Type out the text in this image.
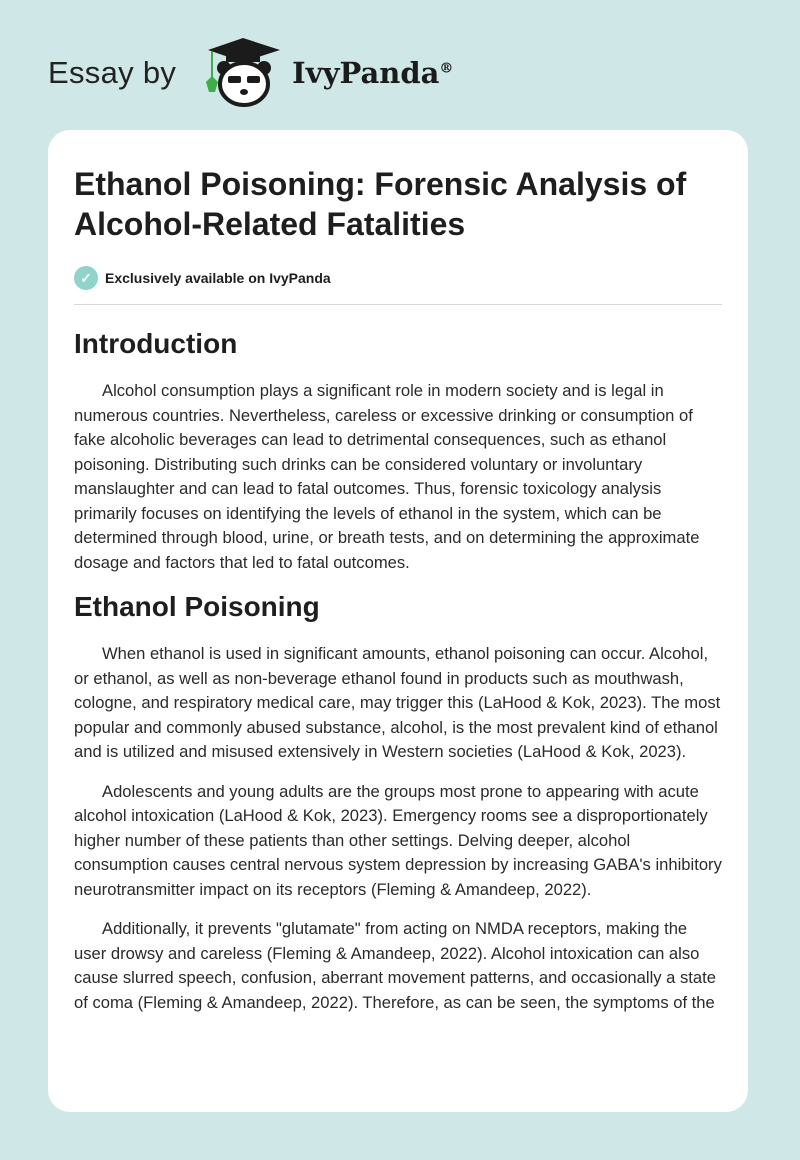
Essay by	IvyPanda®
Ethanol Poisoning: Forensic Analysis of Alcohol-Related Fatalities
✓ Exclusively available on IvyPanda
Introduction

Alcohol consumption plays a significant role in modern society and is legal in numerous countries. Nevertheless, careless or excessive drinking or consumption of fake alcoholic beverages can lead to detrimental consequences, such as ethanol poisoning. Distributing such drinks can be considered voluntary or involuntary manslaughter and can lead to fatal outcomes. Thus, forensic toxicology analysis primarily focuses on identifying the levels of ethanol in the system, which can be determined through blood, urine, or breath tests, and on determining the approximate dosage and factors that led to fatal outcomes.

Ethanol Poisoning

When ethanol is used in significant amounts, ethanol poisoning can occur. Alcohol, or ethanol, as well as non-beverage ethanol found in products such as mouthwash, cologne, and respiratory medical care, may trigger this (LaHood & Kok, 2023). The most popular and commonly abused substance, alcohol, is the most prevalent kind of ethanol and is utilized and misused extensively in Western societies (LaHood & Kok, 2023).

Adolescents and young adults are the groups most prone to appearing with acute alcohol intoxication (LaHood & Kok, 2023). Emergency rooms see a disproportionately higher number of these patients than other settings. Delving deeper, alcohol consumption causes central nervous system depression by increasing GABA's inhibitory neurotransmitter impact on its receptors (Fleming & Amandeep, 2022).

Additionally, it prevents "glutamate" from acting on NMDA receptors, making the user drowsy and careless (Fleming & Amandeep, 2022). Alcohol intoxication can also cause slurred speech, confusion, aberrant movement patterns, and occasionally a state of coma (Fleming & Amandeep, 2022). Therefore, as can be seen, the symptoms of the
